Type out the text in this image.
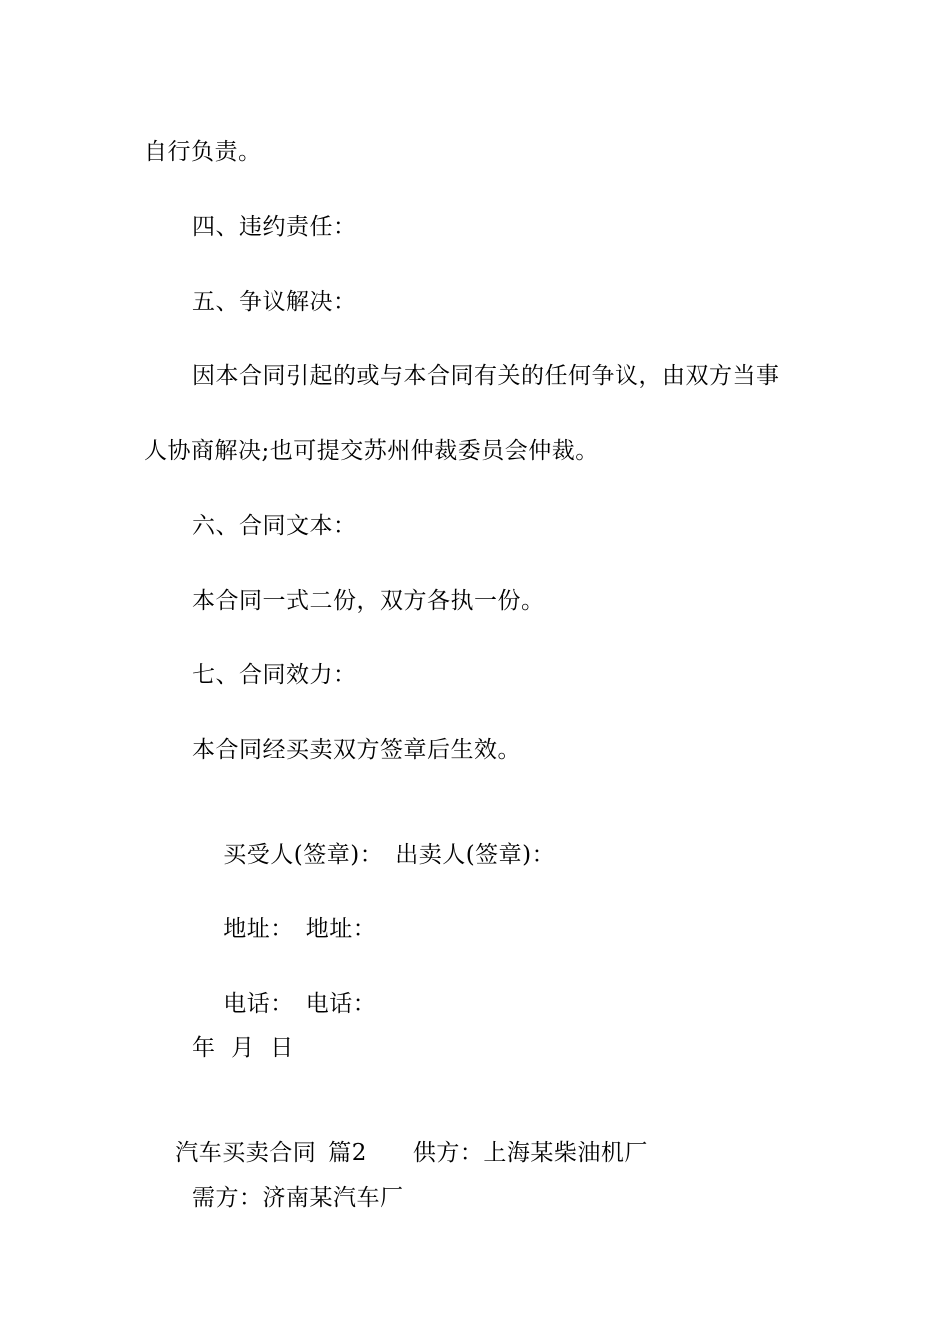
自行负责。
四、违约责任：
五、争议解决：
因本合同引起的或与本合同有关的任何争议，由双方当事
人协商解决;也可提交苏州仲裁委员会仲裁。
六、合同文本：
本合同一式二份，双方各执一份。
七、合同效力：
本合同经买卖双方签章后生效。

买受人(签章)： 出卖人(签章)：

地址： 地址：

电话： 电话：

年  月  日

汽车买卖合同 篇2 供方：上海某柴油机厂

需方：济南某汽车厂
